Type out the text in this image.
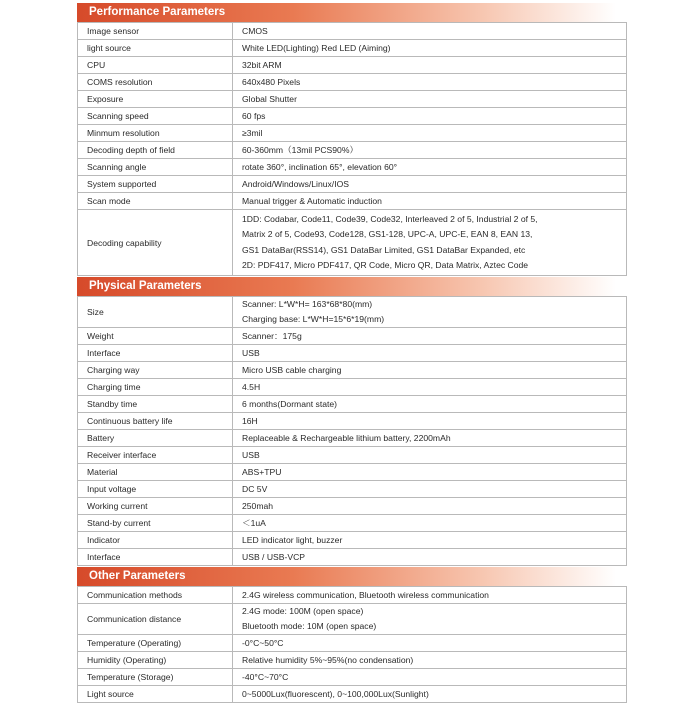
Performance Parameters
Image sensor	CMOS
light source	White LED(Lighting) Red LED (Aiming)
CPU	32bit ARM
COMS resolution	640x480 Pixels
Exposure	Global Shutter
Scanning speed	60 fps
Minmum resolution	≥3mil
Decoding depth of field	60-360mm（13mil PCS90%）
Scanning angle	rotate 360°, inclination 65°, elevation 60°
System supported	Android/Windows/Linux/IOS
Scan mode	Manual trigger & Automatic induction
Decoding capability	1DD: Codabar, Code11, Code39, Code32, Interleaved 2 of 5, Industrial 2 of 5,
Matrix 2 of 5, Code93, Code128, GS1-128, UPC-A, UPC-E, EAN 8, EAN 13,
GS1 DataBar(RSS14), GS1 DataBar Limited, GS1 DataBar Expanded, etc
2D: PDF417, Micro PDF417, QR Code, Micro QR, Data Matrix, Aztec Code
Physical Parameters
Size	Scanner: L*W*H= 163*68*80(mm)
Charging base: L*W*H=15*6*19(mm)

Weight	Scanner：175g
Interface	USB
Charging way	Micro USB cable charging
Charging time	4.5H
Standby time	6 months(Dormant state)
Continuous battery life	16H
Battery	Replaceable & Rechargeable lithium battery, 2200mAh
Receiver interface	USB
Material	ABS+TPU
Input voltage	DC 5V
Working current	250mah
Stand-by current	＜1uA
Indicator	LED indicator light, buzzer
Interface	USB / USB-VCP
Other Parameters
Communication methods	2.4G wireless communication, Bluetooth wireless communication
Communication distance	2.4G mode: 100M (open space)
Bluetooth mode: 10M (open space)

Temperature (Operating)	-0°C~50°C
Humidity (Operating)	Relative humidity 5%~95%(no condensation)
Temperature (Storage)	-40°C~70°C
Light source	0~5000Lux(fluorescent), 0~100,000Lux(Sunlight)
